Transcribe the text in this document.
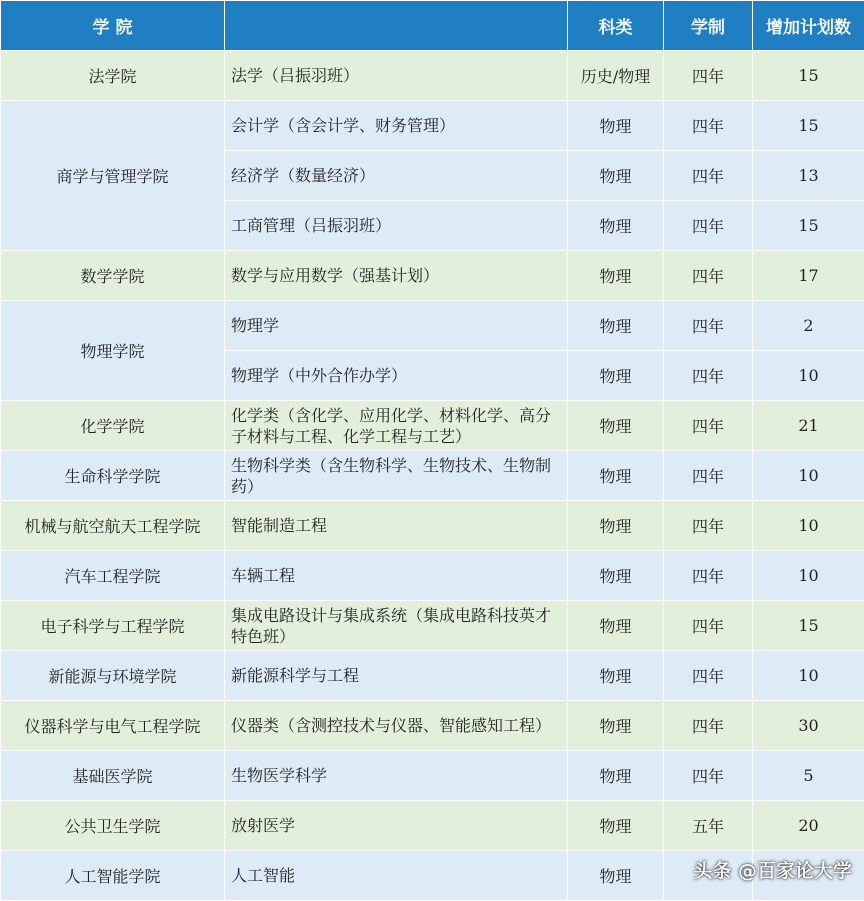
学 院		科类	学制	增加计划数
法学院	法学（吕振羽班）	历史/物理	四年	15
商学与管理学院	会计学（含会计学、财务管理）	物理	四年	15
	经济学（数量经济）	物理	四年	13
	工商管理（吕振羽班）	物理	四年	15
数学学院	数学与应用数学（强基计划）	物理	四年	17
物理学院	物理学	物理	四年	2
	物理学（中外合作办学）	物理	四年	10
化学学院	化学类（含化学、应用化学、材料化学、高分子材料与工程、化学工程与工艺）	物理	四年	21
生命科学学院	生物科学类（含生物科学、生物技术、生物制药）	物理	四年	10
机械与航空航天工程学院	智能制造工程	物理	四年	10
汽车工程学院	车辆工程	物理	四年	10
电子科学与工程学院	集成电路设计与集成系统（集成电路科技英才特色班）	物理	四年	15
新能源与环境学院	新能源科学与工程	物理	四年	10
仪器科学与电气工程学院	仪器类（含测控技术与仪器、智能感知工程）	物理	四年	30
基础医学院	生物医学科学	物理	四年	5
公共卫生学院	放射医学	物理	五年	20
人工智能学院	人工智能	物理			头条 @百家论大学
